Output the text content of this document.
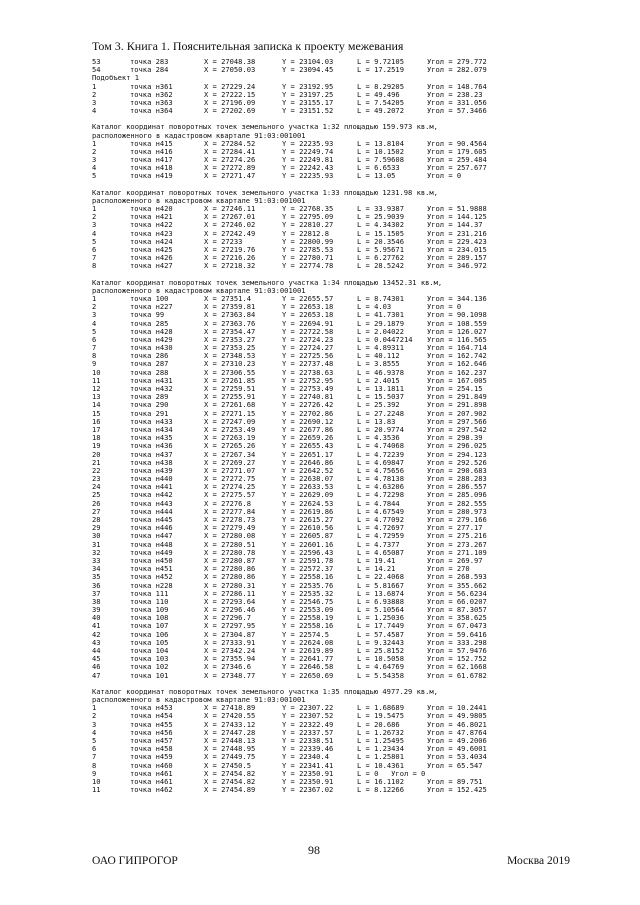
Том 3. Книга 1. Пояснительная записка к проекту межевания
53	точка 283	X = 27048.38	Y = 23104.03	L = 9.72105	Угол = 279.772
54	точка 284	X = 27050.03	Y = 23094.45	L = 17.2519	Угол = 282.079
Подобъект 1
1	точка н361	X = 27229.24	Y = 23192.95	L = 8.29205	Угол = 148.764
2	точка н362	X = 27222.15	Y = 23197.25	L = 49.496	Угол = 238.23
3	точка н363	X = 27196.09	Y = 23155.17	L = 7.54205	Угол = 331.056
4	точка н364	X = 27202.69	Y = 23151.52	L = 49.2072	Угол = 57.3466
Каталог координат поворотных точек земельного участка 1:32 площадью 159.973 кв.м,
расположенного в кадастровом квартале 91:03:001001
1	точка н415	X = 27284.52	Y = 22235.93	L = 13.8104	Угол = 90.4564
2	точка н416	X = 27284.41	Y = 22249.74	L = 10.1502	Угол = 179.605
3	точка н417	X = 27274.26	Y = 22249.81	L = 7.59608	Угол = 259.484
4	точка н418	X = 27272.89	Y = 22242.43	L = 6.6533	Угол = 257.677
5	точка н419	X = 27271.47	Y = 22235.93	L = 13.05	Угол = 0
Каталог координат поворотных точек земельного участка 1:33 площадью 1231.98 кв.м,
расположенного в кадастровом квартале 91:03:001001
1	точка н420	X = 27246.11	Y = 22768.35	L = 33.9387	Угол = 51.9888
2	точка н421	X = 27267.01	Y = 22795.09	L = 25.9039	Угол = 144.125
3	точка н422	X = 27246.02	Y = 22810.27	L = 4.34302	Угол = 144.37
4	точка н423	X = 27242.49	Y = 22812.8	L = 15.1505	Угол = 231.216
5	точка н424	X = 27233	Y = 22800.99	L = 20.3546	Угол = 229.423
6	точка н425	X = 27219.76	Y = 22785.53	L = 5.95671	Угол = 234.015
7	точка н426	X = 27216.26	Y = 22780.71	L = 6.27762	Угол = 289.157
8	точка н427	X = 27218.32	Y = 22774.78	L = 28.5242	Угол = 346.972
Каталог координат поворотных точек земельного участка 1:34 площадью 13452.31 кв.м,
расположенного в кадастровом квартале 91:03:001001
1	точка 100	X = 27351.4	Y = 22655.57	L = 8.74301	Угол = 344.136
2	точка н227	X = 27359.81	Y = 22653.18	L = 4.03	Угол = 0
3	точка 99	X = 27363.84	Y = 22653.18	L = 41.7301	Угол = 90.1098
4	точка 285	X = 27363.76	Y = 22694.91	L = 29.1879	Угол = 108.559
5	точка н428	X = 27354.47	Y = 22722.58	L = 2.04022	Угол = 126.027
6	точка н429	X = 27353.27	Y = 22724.23	L = 0.0447214	Угол = 116.565
7	точка н430	X = 27353.25	Y = 22724.27	L = 4.89311	Угол = 164.714
8	точка 286	X = 27348.53	Y = 22725.56	L = 40.112	Угол = 162.742
9	точка 287	X = 27310.23	Y = 22737.48	L = 3.8555	Угол = 162.646
10	точка 288	X = 27306.55	Y = 22738.63	L = 46.9378	Угол = 162.237
11	точка н431	X = 27261.85	Y = 22752.95	L = 2.4015	Угол = 167.005
12	точка н432	X = 27259.51	Y = 22753.49	L = 13.1811	Угол = 254.15
13	точка 289	X = 27255.91	Y = 22740.81	L = 15.5037	Угол = 291.849
14	точка 290	X = 27261.68	Y = 22726.42	L = 25.392	Угол = 291.898
15	точка 291	X = 27271.15	Y = 22702.86	L = 27.2248	Угол = 207.902
16	точка н433	X = 27247.09	Y = 22690.12	L = 13.83	Угол = 297.566
17	точка н434	X = 27253.49	Y = 22677.86	L = 20.9774	Угол = 297.542
18	точка н435	X = 27263.19	Y = 22659.26	L = 4.3536	Угол = 298.39
19	точка н436	X = 27265.26	Y = 22655.43	L = 4.74068	Угол = 296.025
20	точка н437	X = 27267.34	Y = 22651.17	L = 4.72239	Угол = 294.123
21	точка н438	X = 27269.27	Y = 22646.86	L = 4.69847	Угол = 292.526
22	точка н439	X = 27271.07	Y = 22642.52	L = 4.75656	Угол = 290.683
23	точка н440	X = 27272.75	Y = 22638.07	L = 4.78138	Угол = 288.283
24	точка н441	X = 27274.25	Y = 22633.53	L = 4.63206	Угол = 286.557
25	точка н442	X = 27275.57	Y = 22629.09	L = 4.72298	Угол = 285.096
26	точка н443	X = 27276.8	Y = 22624.53	L = 4.7844	Угол = 282.555
27	точка н444	X = 27277.84	Y = 22619.86	L = 4.67549	Угол = 280.973
28	точка н445	X = 27278.73	Y = 22615.27	L = 4.77092	Угол = 279.166
29	точка н446	X = 27279.49	Y = 22610.56	L = 4.72697	Угол = 277.17
30	точка н447	X = 27280.08	Y = 22605.87	L = 4.72959	Угол = 275.216
31	точка н448	X = 27280.51	Y = 22601.16	L = 4.7377	Угол = 273.267
32	точка н449	X = 27280.78	Y = 22596.43	L = 4.65087	Угол = 271.109
33	точка н450	X = 27280.87	Y = 22591.78	L = 19.41	Угол = 269.97
34	точка н451	X = 27280.86	Y = 22572.37	L = 14.21	Угол = 270
35	точка н452	X = 27280.86	Y = 22558.16	L = 22.4068	Угол = 268.593
36	точка н228	X = 27280.31	Y = 22535.76	L = 5.81667	Угол = 355.662
37	точка 111	X = 27286.11	Y = 22535.32	L = 13.6874	Угол = 56.6234
38	точка 110	X = 27293.64	Y = 22546.75	L = 6.93888	Угол = 66.0207
39	точка 109	X = 27296.46	Y = 22553.09	L = 5.10564	Угол = 87.3057
40	точка 108	X = 27296.7	Y = 22558.19	L = 1.25036	Угол = 358.625
41	точка 107	X = 27297.95	Y = 22558.16	L = 17.7449	Угол = 67.0473
42	точка 106	X = 27304.87	Y = 22574.5	L = 57.4587	Угол = 59.6416
43	точка 105	X = 27333.91	Y = 22624.08	L = 9.32443	Угол = 333.298
44	точка 104	X = 27342.24	Y = 22619.89	L = 25.8152	Угол = 57.9476
45	точка 103	X = 27355.94	Y = 22641.77	L = 10.5058	Угол = 152.752
46	точка 102	X = 27346.6	Y = 22646.58	L = 4.64769	Угол = 62.1668
47	точка 101	X = 27348.77	Y = 22650.69	L = 5.54358	Угол = 61.6782
Каталог координат поворотных точек земельного участка 1:35 площадью 4977.29 кв.м,
расположенного в кадастровом квартале 91:03:001001
1	точка н453	X = 27418.89	Y = 22307.22	L = 1.68689	Угол = 10.2441
2	точка н454	X = 27420.55	Y = 22307.52	L = 19.5475	Угол = 49.9805
3	точка н455	X = 27433.12	Y = 22322.49	L = 20.686	Угол = 46.8021
4	точка н456	X = 27447.28	Y = 22337.57	L = 1.26732	Угол = 47.8764
5	точка н457	X = 27448.13	Y = 22338.51	L = 1.25495	Угол = 49.2006
6	точка н458	X = 27448.95	Y = 22339.46	L = 1.23434	Угол = 49.6001
7	точка н459	X = 27449.75	Y = 22340.4	L = 1.25801	Угол = 53.4034
8	точка н460	X = 27450.5	Y = 22341.41	L = 10.4361	Угол = 65.547
9	точка н461	X = 27454.82	Y = 22350.91	L = 0   Угол = 0
10	точка н461	X = 27454.82	Y = 22350.91	L = 16.1102	Угол = 89.751
11	точка н462	X = 27454.89	Y = 22367.02	L = 8.12266	Угол = 152.425
98
ОАО ГИПРОГОР	Москва 2019
